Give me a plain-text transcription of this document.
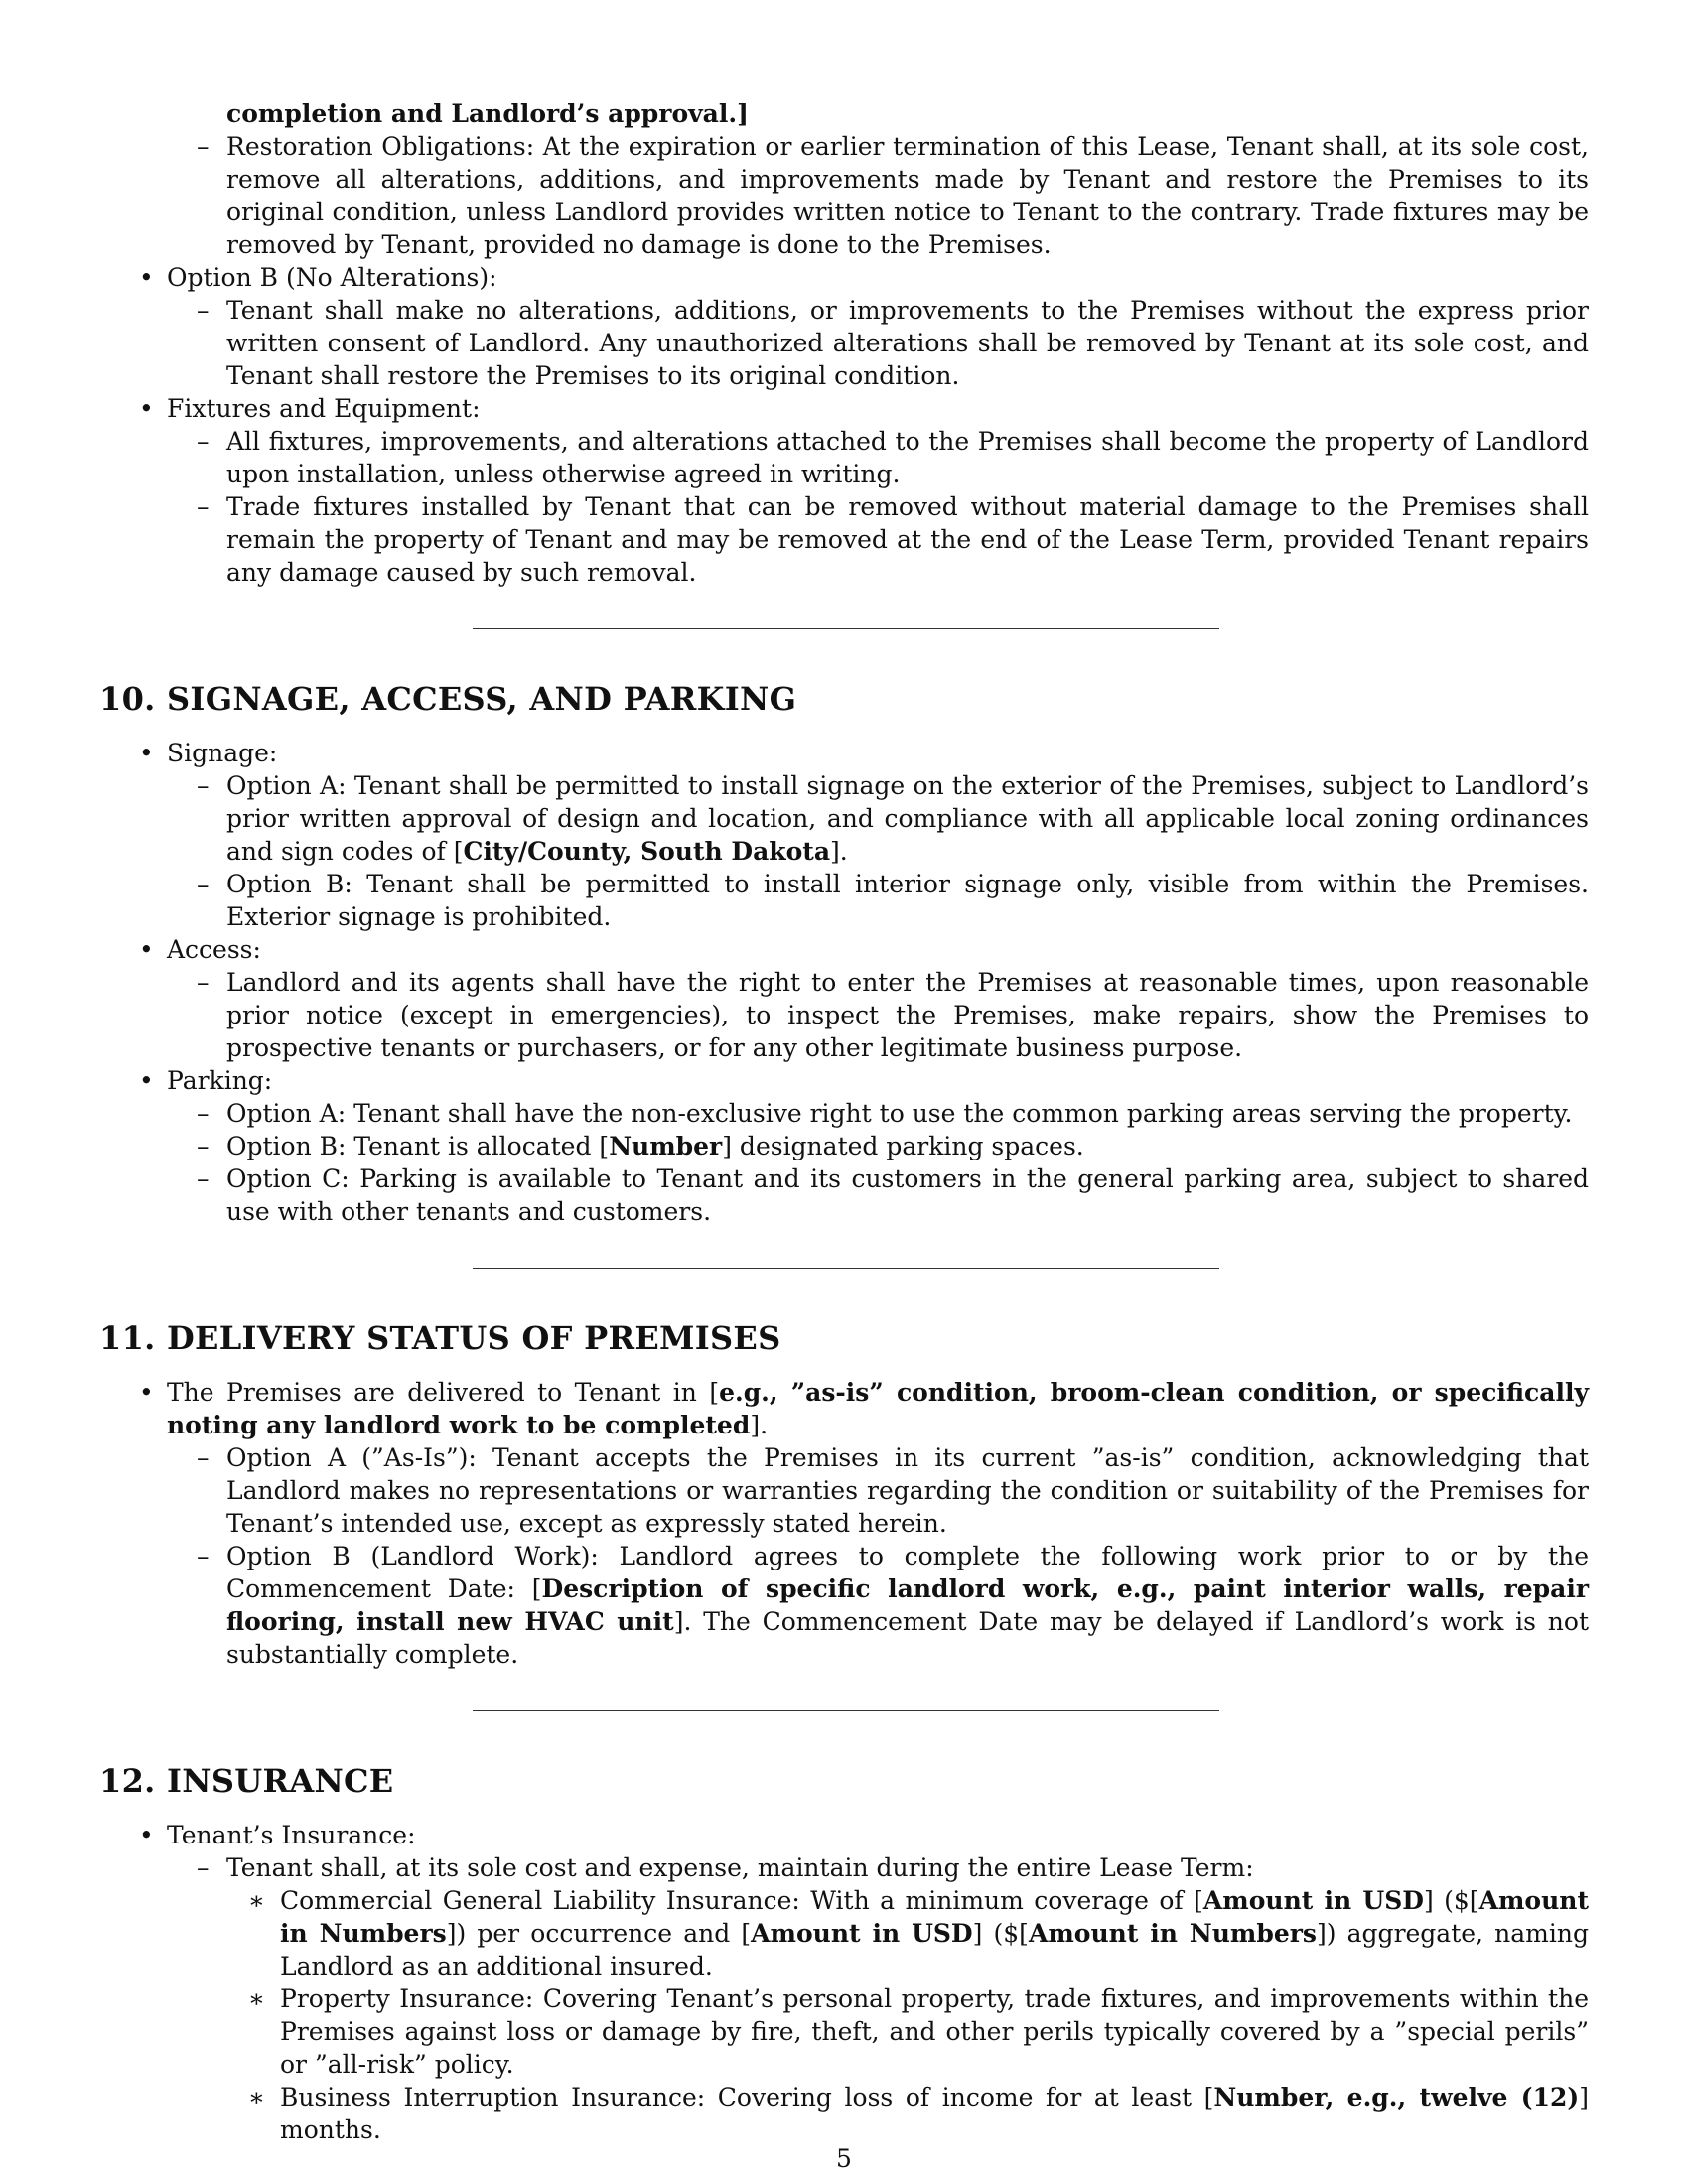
completion and Landlord’s approval.]
– Restoration Obligations: At the expiration or earlier termination of this Lease, Tenant shall, at its sole cost, remove all alterations, additions, and improvements made by Tenant and restore the Premises to its original condition, unless Landlord provides written notice to Tenant to the contrary. Trade fixtures may be removed by Tenant, provided no damage is done to the Premises.
• Option B (No Alterations):
– Tenant shall make no alterations, additions, or improvements to the Premises without the express prior written consent of Landlord. Any unauthorized alterations shall be removed by Tenant at its sole cost, and Tenant shall restore the Premises to its original condition.
• Fixtures and Equipment:
– All fixtures, improvements, and alterations attached to the Premises shall become the property of Landlord upon installation, unless otherwise agreed in writing.
– Trade fixtures installed by Tenant that can be removed without material damage to the Premises shall remain the property of Tenant and may be removed at the end of the Lease Term, provided Tenant repairs any damage caused by such removal.
10. SIGNAGE, ACCESS, AND PARKING
• Signage:
– Option A: Tenant shall be permitted to install signage on the exterior of the Premises, subject to Landlord’s prior written approval of design and location, and compliance with all applicable local zoning ordinances and sign codes of [City/County, South Dakota].
– Option B: Tenant shall be permitted to install interior signage only, visible from within the Premises. Exterior signage is prohibited.
• Access:
– Landlord and its agents shall have the right to enter the Premises at reasonable times, upon reasonable prior notice (except in emergencies), to inspect the Premises, make repairs, show the Premises to prospective tenants or purchasers, or for any other legitimate business purpose.
• Parking:
– Option A: Tenant shall have the non-exclusive right to use the common parking areas serving the property.
– Option B: Tenant is allocated [Number] designated parking spaces.
– Option C: Parking is available to Tenant and its customers in the general parking area, subject to shared use with other tenants and customers.
11. DELIVERY STATUS OF PREMISES
• The Premises are delivered to Tenant in [e.g., ”as-is” condition, broom-clean condition, or specifically noting any landlord work to be completed].
– Option A (”As-Is”): Tenant accepts the Premises in its current ”as-is” condition, acknowledging that Landlord makes no representations or warranties regarding the condition or suitability of the Premises for Tenant’s intended use, except as expressly stated herein.
– Option B (Landlord Work): Landlord agrees to complete the following work prior to or by the Commencement Date: [Description of specific landlord work, e.g., paint interior walls, repair flooring, install new HVAC unit]. The Commencement Date may be delayed if Landlord’s work is not substantially complete.
12. INSURANCE
• Tenant’s Insurance:
– Tenant shall, at its sole cost and expense, maintain during the entire Lease Term:
∗ Commercial General Liability Insurance: With a minimum coverage of [Amount in USD] ($[Amount in Numbers]) per occurrence and [Amount in USD] ($[Amount in Numbers]) aggregate, naming Landlord as an additional insured.
∗ Property Insurance: Covering Tenant’s personal property, trade fixtures, and improvements within the Premises against loss or damage by fire, theft, and other perils typically covered by a ”special perils” or ”all-risk” policy.
∗ Business Interruption Insurance: Covering loss of income for at least [Number, e.g., twelve (12)] months.
5
